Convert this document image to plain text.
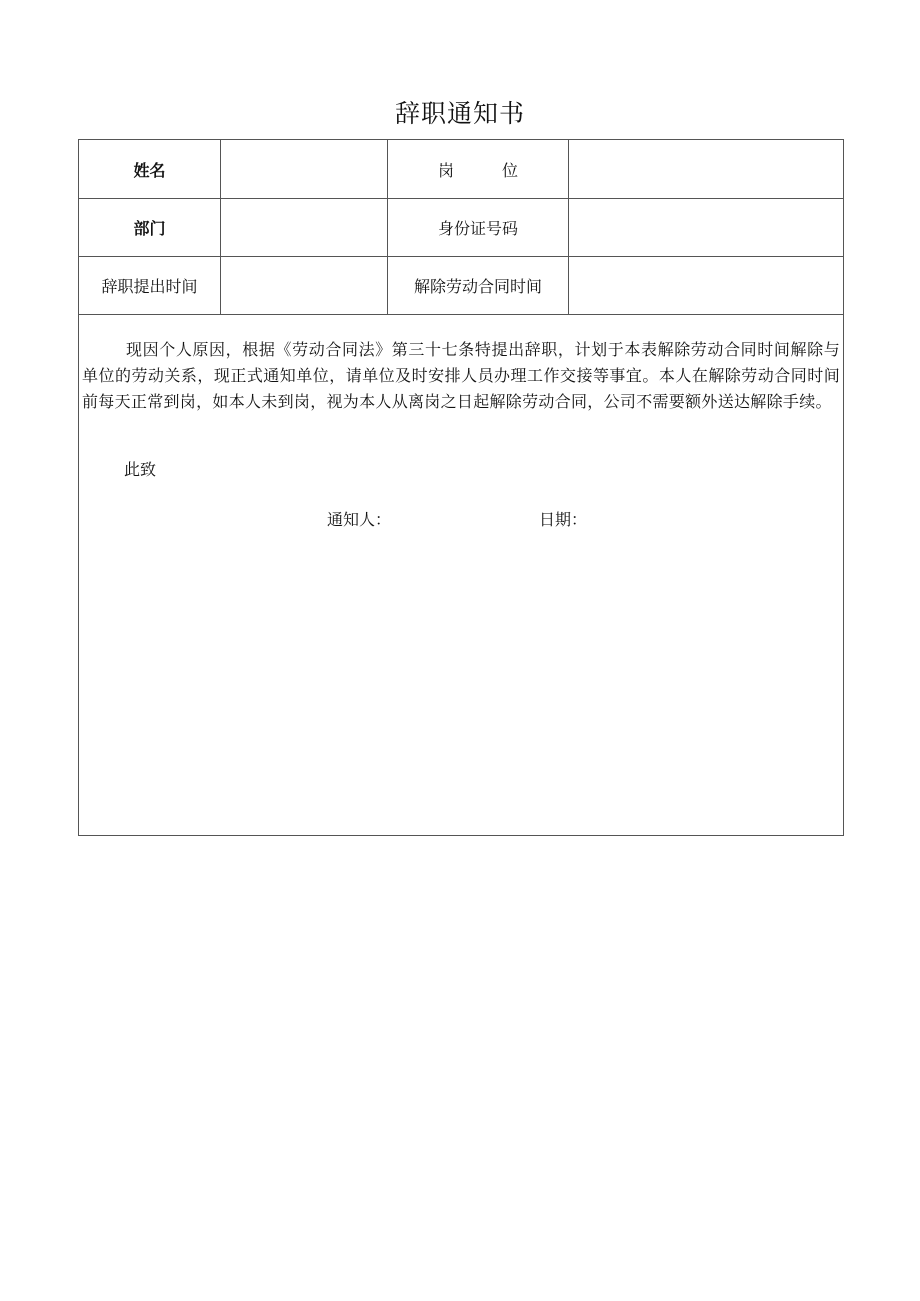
辞职通知书
姓名		岗 位	
部门		身份证号码	
辞职提出时间		解除劳动合同时间	

现因个人原因，根据《劳动合同法》第三十七条特提出辞职，计划于本表解除劳动合同时间解除与单位的劳动关系，现正式通知单位，请单位及时安排人员办理工作交接等事宜。本人在解除劳动合同时间前每天正常到岗，如本人未到岗，视为本人从离岗之日起解除劳动合同，公司不需要额外送达解除手续。

此致
通知人： 日期：			
